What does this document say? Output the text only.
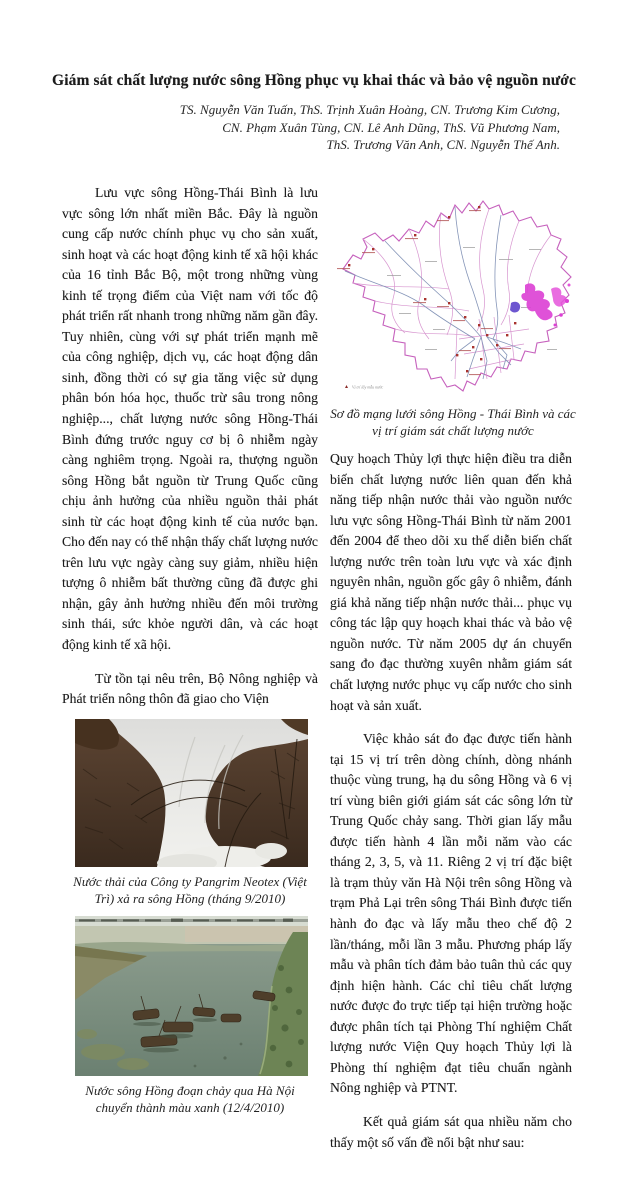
Giám sát chất lượng nước sông Hồng phục vụ khai thác và bảo vệ nguồn nước
TS. Nguyễn Văn Tuấn, ThS. Trịnh Xuân Hoàng, CN. Trương Kim Cương,
CN. Phạm Xuân Tùng, CN. Lê Anh Dũng, ThS. Vũ Phương Nam,
ThS. Trương Văn Anh, CN. Nguyễn Thế Anh.

Lưu vực sông Hồng-Thái Bình là lưu vực sông lớn nhất miền Bắc. Đây là nguồn cung cấp nước chính phục vụ cho sản xuất, sinh hoạt và các hoạt động kinh tế xã hội khác của 16 tỉnh Bắc Bộ, một trong những vùng kinh tế trọng điểm của Việt nam với tốc độ phát triển rất nhanh trong những năm gần đây. Tuy nhiên, cùng với sự phát triển mạnh mẽ của công nghiệp, dịch vụ, các hoạt động dân sinh, đồng thời có sự gia tăng việc sử dụng phân bón hóa học, thuốc trừ sâu trong nông nghiệp..., chất lượng nước sông Hồng-Thái Bình đứng trước nguy cơ bị ô nhiễm ngày càng nghiêm trọng. Ngoài ra, thượng nguồn sông Hồng bắt nguồn từ Trung Quốc cũng chịu ảnh hưởng của nhiều nguồn thải phát sinh từ các hoạt động kinh tế của nước bạn. Cho đến nay có thể nhận thấy chất lượng nước trên lưu vực ngày càng suy giảm, nhiều hiện tượng ô nhiễm bất thường cũng đã được ghi nhận, gây ảnh hưởng nhiều đến môi trường sinh thái, sức khỏe người dân, và các hoạt động kinh tế xã hội.

Từ tồn tại nêu trên, Bộ Nông nghiệp và Phát triển nông thôn đã giao cho Viện

Nước thải của Công ty Pangrim Neotex (Việt Trì) xả ra sông Hồng (tháng 9/2010)
Nước sông Hồng đoạn chảy qua Hà Nội chuyển thành màu xanh (12/4/2010)
Vị trí lấy mẫu nước
Sơ đồ mạng lưới sông Hồng - Thái Bình và các vị trí giám sát chất lượng nước

Quy hoạch Thủy lợi thực hiện điều tra diễn biến chất lượng nước liên quan đến khả năng tiếp nhận nước thải vào nguồn nước lưu vực sông Hồng-Thái Bình từ năm 2001 đến 2004 để theo dõi xu thế diễn biến chất lượng nước trên toàn lưu vực và xác định nguyên nhân, nguồn gốc gây ô nhiễm, đánh giá khả năng tiếp nhận nước thải... phục vụ công tác lập quy hoạch khai thác và bảo vệ nguồn nước. Từ năm 2005 dự án chuyển sang đo đạc thường xuyên nhằm giám sát chất lượng nước phục vụ cấp nước cho sinh hoạt và sản xuất.

Việc khảo sát đo đạc được tiến hành tại 15 vị trí trên dòng chính, dòng nhánh thuộc vùng trung, hạ du sông Hồng và 6 vị trí vùng biên giới giám sát các sông lớn từ Trung Quốc chảy sang. Thời gian lấy mẫu được tiến hành 4 lần mỗi năm vào các tháng 2, 3, 5, và 11. Riêng 2 vị trí đặc biệt là trạm thủy văn Hà Nội trên sông Hồng và trạm Phả Lại trên sông Thái Bình được tiến hành đo đạc và lấy mẫu theo chế độ 2 lần/tháng, mỗi lần 3 mẫu. Phương pháp lấy mẫu và phân tích đảm bảo tuân thủ các quy định hiện hành. Các chỉ tiêu chất lượng nước được đo trực tiếp tại hiện trường hoặc được phân tích tại Phòng Thí nghiệm Chất lượng nước Viện Quy hoạch Thủy lợi là Phòng thí nghiệm đạt tiêu chuẩn ngành Nông nghiệp và PTNT.

Kết quả giám sát qua nhiều năm cho thấy một số vấn đề nổi bật như sau:
